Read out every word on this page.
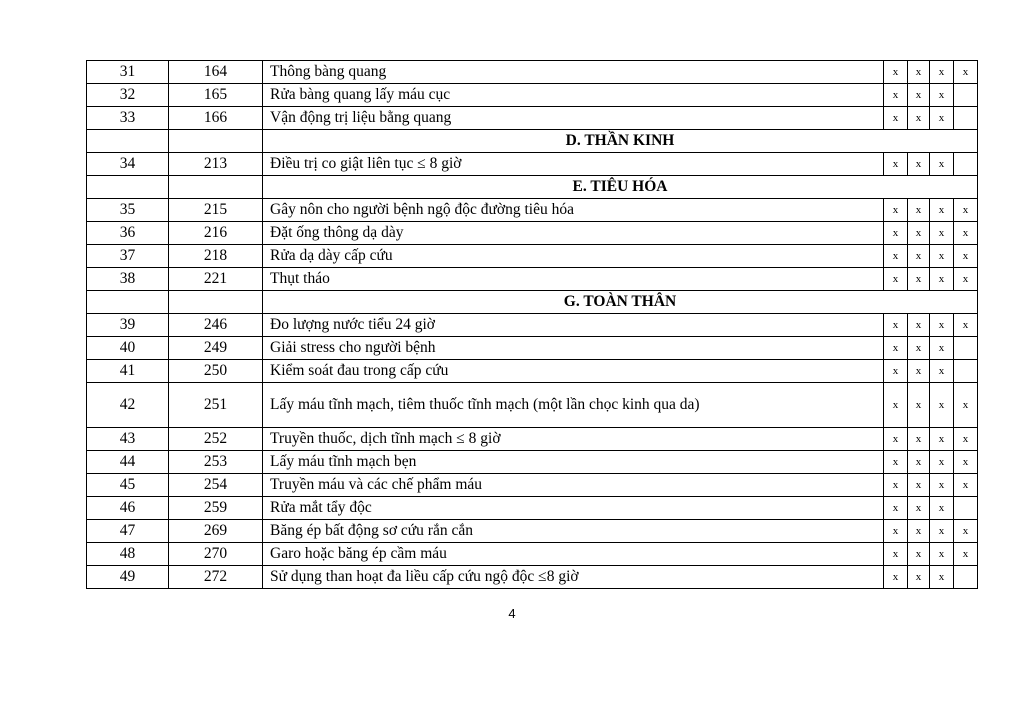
31	164	Thông bàng quang	x	x	x	x
32	165	Rửa bàng quang lấy máu cục	x	x	x	
33	166	Vận động trị liệu bằng quang	x	x	x	
		D. THẦN KINH				
34	213	Điều trị co giật liên tục ≤ 8 giờ	x	x	x	
		E. TIÊU HÓA				
35	215	Gây nôn cho người bệnh ngộ độc đường tiêu hóa	x	x	x	x
36	216	Đặt ống thông dạ dày	x	x	x	x
37	218	Rửa dạ dày cấp cứu	x	x	x	x
38	221	Thụt tháo	x	x	x	x
		G. TOÀN THÂN				
39	246	Đo lượng nước tiểu 24 giờ	x	x	x	x
40	249	Giải stress cho người bệnh	x	x	x	
41	250	Kiểm soát đau trong cấp cứu	x	x	x	
42	251	Lấy máu tĩnh mạch, tiêm thuốc tĩnh mạch (một lần chọc kinh qua da)	x	x	x	x
43	252	Truyền thuốc, dịch tĩnh mạch ≤ 8 giờ	x	x	x	x
44	253	Lấy máu tĩnh mạch bẹn	x	x	x	x
45	254	Truyền máu và các chế phẩm máu	x	x	x	x
46	259	Rửa mắt tẩy độc	x	x	x	
47	269	Băng ép bất động sơ cứu rắn cắn	x	x	x	x
48	270	Garo hoặc băng ép cầm máu	x	x	x	x
49	272	Sử dụng than hoạt đa liều cấp cứu ngộ độc ≤8 giờ	x	x	x	
4
